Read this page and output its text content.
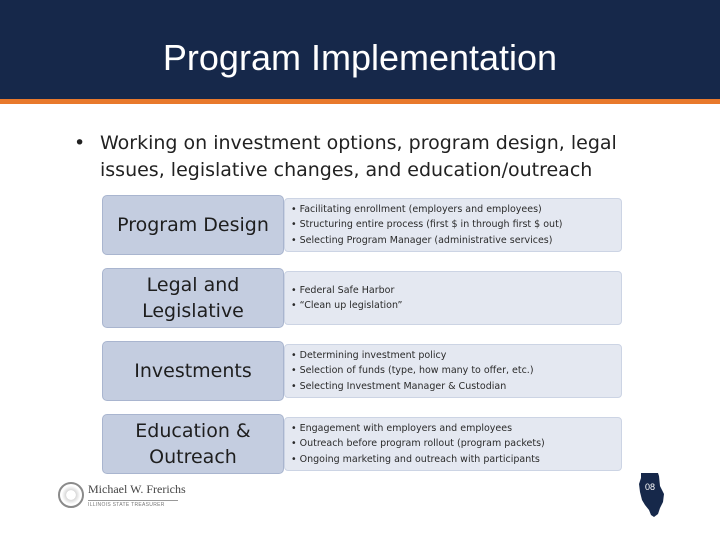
Program Implementation
• Working on investment options, program design, legal issues, legislative changes, and education/outreach
Program Design
• Facilitating enrollment (employers and employees)
• Structuring entire process (first $ in through first $ out)
• Selecting Program Manager (administrative services)
Legal and
Legislative
• Federal Safe Harbor
• “Clean up legislation”
Investments
• Determining investment policy
• Selection of funds (type, how many to offer, etc.)
• Selecting Investment Manager & Custodian
Education &
Outreach
• Engagement with employers and employees
• Outreach before program rollout (program packets)
• Ongoing marketing and outreach with participants
Michael W. Frerichs
ILLINOIS STATE TREASURER
08
